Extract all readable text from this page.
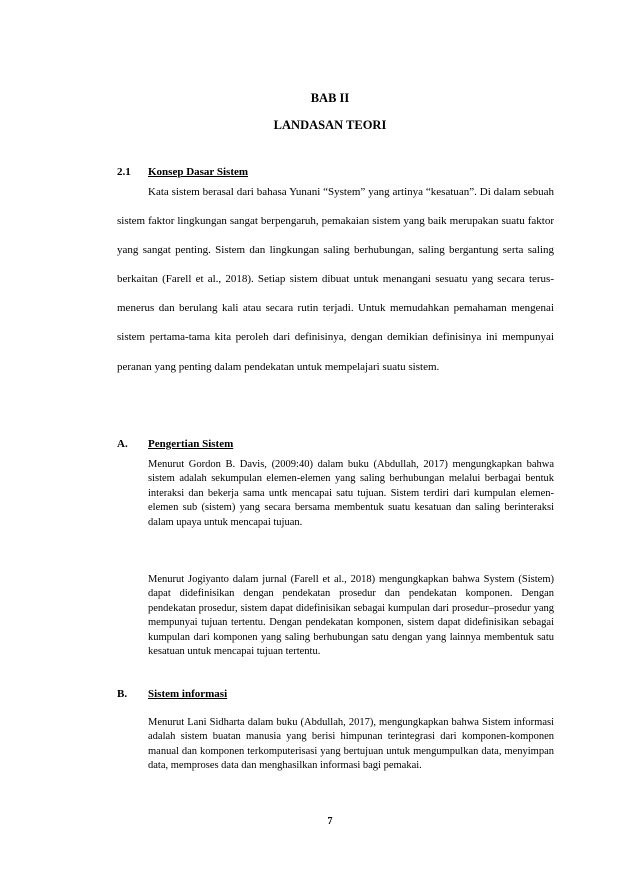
BAB II
LANDASAN TEORI
2.1 Konsep Dasar Sistem

Kata sistem berasal dari bahasa Yunani “System” yang artinya “kesatuan”. Di dalam sebuah sistem faktor lingkungan sangat berpengaruh, pemakaian sistem yang baik merupakan suatu faktor yang sangat penting. Sistem dan lingkungan saling berhubungan, saling bergantung serta saling berkaitan (Farell et al., 2018). Setiap sistem dibuat untuk menangani sesuatu yang secara terus-menerus dan berulang kali atau secara rutin terjadi. Untuk memudahkan pemahaman mengenai sistem pertama-tama kita peroleh dari definisinya, dengan demikian definisinya ini mempunyai peranan yang penting dalam pendekatan untuk mempelajari suatu sistem.

A. Pengertian Sistem

Menurut Gordon B. Davis, (2009:40) dalam buku (Abdullah, 2017) mengungkapkan bahwa sistem adalah sekumpulan elemen-elemen yang saling berhubungan melalui berbagai bentuk interaksi dan bekerja sama untk mencapai satu tujuan. Sistem terdiri dari kumpulan elemen-elemen sub (sistem) yang secara bersama membentuk suatu kesatuan dan saling berinteraksi dalam upaya untuk mencapai tujuan.

Menurut Jogiyanto dalam jurnal (Farell et al., 2018) mengungkapkan bahwa System (Sistem) dapat didefinisikan dengan pendekatan prosedur dan pendekatan komponen. Dengan pendekatan prosedur, sistem dapat didefinisikan sebagai kumpulan dari prosedur–prosedur yang mempunyai tujuan tertentu. Dengan pendekatan komponen, sistem dapat didefinisikan sebagai kumpulan dari komponen yang saling berhubungan satu dengan yang lainnya membentuk satu kesatuan untuk mencapai tujuan tertentu.

B. Sistem informasi

Menurut Lani Sidharta dalam buku (Abdullah, 2017), mengungkapkan bahwa Sistem informasi adalah sistem buatan manusia yang berisi himpunan terintegrasi dari komponen-komponen manual dan komponen terkomputerisasi yang bertujuan untuk mengumpulkan data, menyimpan data, memproses data dan menghasilkan informasi bagi pemakai.

7
